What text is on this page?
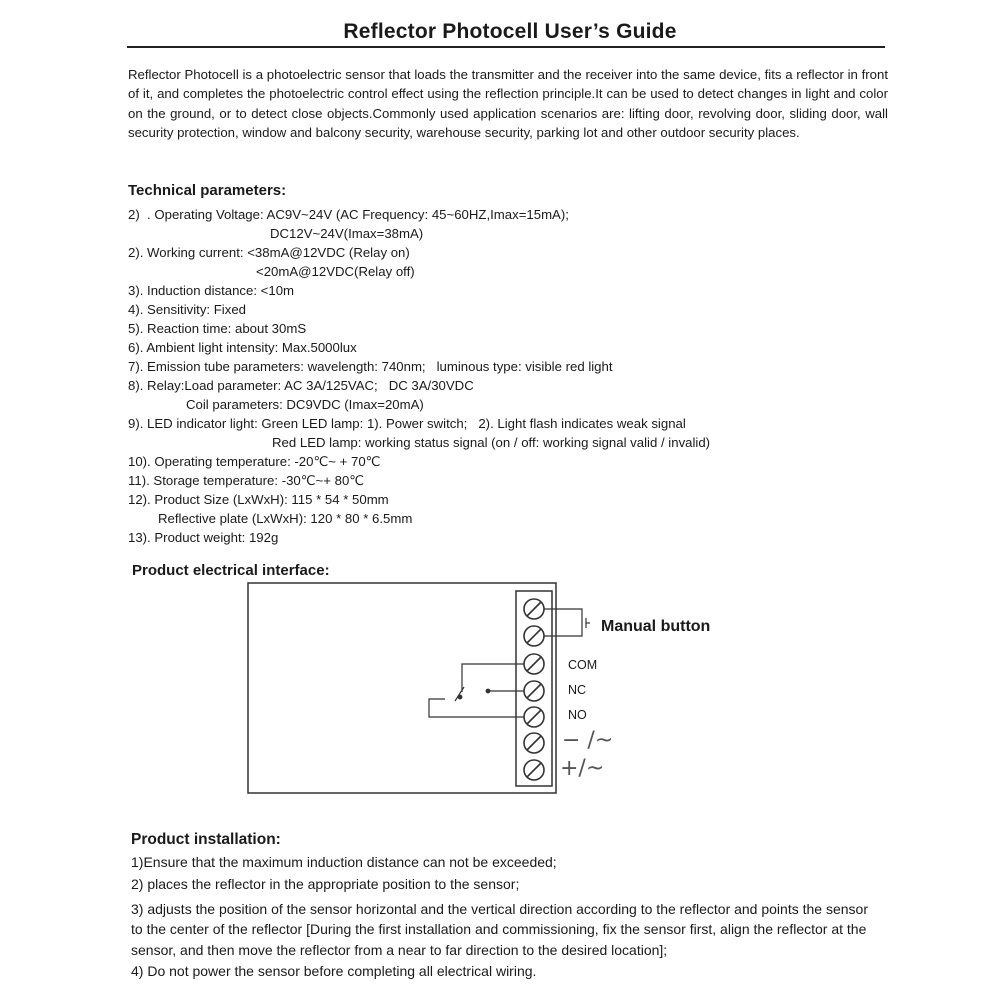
Reflector Photocell User’s Guide
Reflector Photocell is a photoelectric sensor that loads the transmitter and the receiver into the same device, fits a reflector in front of it, and completes the photoelectric control effect using the reflection principle.It can be used to detect changes in light and color on the ground, or to detect close objects.Commonly used application scenarios are: lifting door, revolving door, sliding door, wall security protection, window and balcony security, warehouse security, parking lot and other outdoor security places.
Technical parameters:
2)  . Operating Voltage: AC9V~24V (AC Frequency: 45~60HZ,Imax=15mA);
DC12V~24V(Imax=38mA)
2). Working current: <38mA@12VDC (Relay on)
<20mA@12VDC(Relay off)
3). Induction distance: <10m
4). Sensitivity: Fixed
5). Reaction time: about 30mS
6). Ambient light intensity: Max.5000lux
7). Emission tube parameters: wavelength: 740nm;   luminous type: visible red light
8). Relay:Load parameter: AC 3A/125VAC;   DC 3A/30VDC
Coil parameters: DC9VDC (Imax=20mA)
9). LED indicator light: Green LED lamp: 1). Power switch;   2). Light flash indicates weak signal
Red LED lamp: working status signal (on / off: working signal valid / invalid)
10). Operating temperature: -20℃~ + 70℃
11). Storage temperature: -30℃~+ 80℃
12). Product Size (LxWxH): 115 * 54 * 50mm
Reflective plate (LxWxH): 120 * 80 * 6.5mm
13). Product weight: 192g
Product electrical interface:
Manual button
COM
NC
NO
− /~
+/~
Product installation:
1)Ensure that the maximum induction distance can not be exceeded;
2) places the reflector in the appropriate position to the sensor;
3) adjusts the position of the sensor horizontal and the vertical direction according to the reflector and points the sensor
to the center of the reflector [During the first installation and commissioning, fix the sensor first, align the reflector at the
sensor, and then move the reflector from a near to far direction to the desired location];
4) Do not power the sensor before completing all electrical wiring.
